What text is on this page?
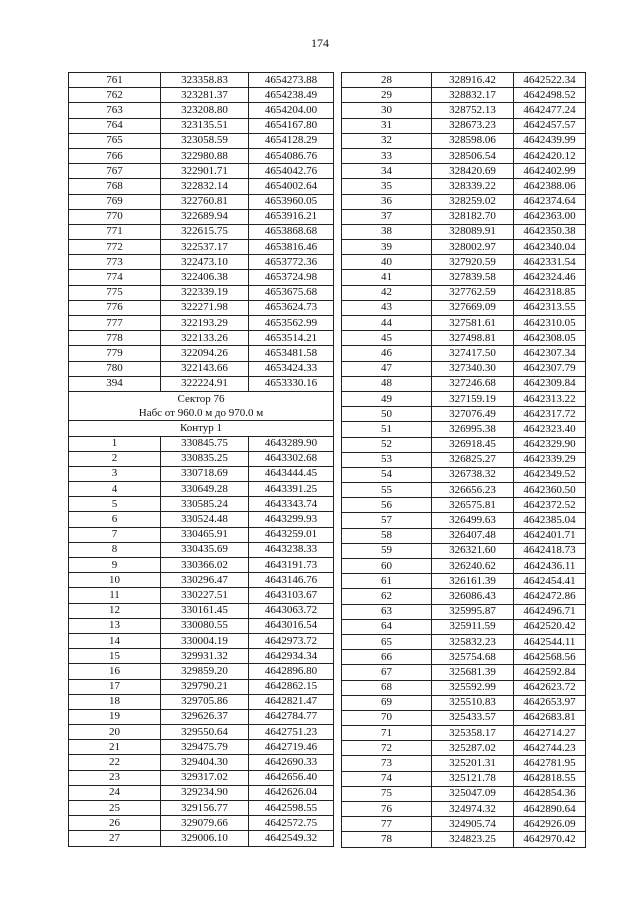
174
761	323358.83	4654273.88
762	323281.37	4654238.49
763	323208.80	4654204.00
764	323135.51	4654167.80
765	323058.59	4654128.29
766	322980.88	4654086.76
767	322901.71	4654042.76
768	322832.14	4654002.64
769	322760.81	4653960.05
770	322689.94	4653916.21
771	322615.75	4653868.68
772	322537.17	4653816.46
773	322473.10	4653772.36
774	322406.38	4653724.98
775	322339.19	4653675.68
776	322271.98	4653624.73
777	322193.29	4653562.99
778	322133.26	4653514.21
779	322094.26	4653481.58
780	322143.66	4653424.33
394	322224.91	4653330.16
Сектор 76		
Набс от 960.0 м до 970.0 м		
Контур 1		
1	330845.75	4643289.90
2	330835.25	4643302.68
3	330718.69	4643444.45
4	330649.28	4643391.25
5	330585.24	4643343.74
6	330524.48	4643299.93
7	330465.91	4643259.01
8	330435.69	4643238.33
9	330366.02	4643191.73
10	330296.47	4643146.76
11	330227.51	4643103.67
12	330161.45	4643063.72
13	330080.55	4643016.54
14	330004.19	4642973.72
15	329931.32	4642934.34
16	329859.20	4642896.80
17	329790.21	4642862.15
18	329705.86	4642821.47
19	329626.37	4642784.77
20	329550.64	4642751.23
21	329475.79	4642719.46
22	329404.30	4642690.33
23	329317.02	4642656.40
24	329234.90	4642626.04
25	329156.77	4642598.55
26	329079.66	4642572.75
27	329006.10	4642549.32
28	328916.42	4642522.34
29	328832.17	4642498.52
30	328752.13	4642477.24
31	328673.23	4642457.57
32	328598.06	4642439.99
33	328506.54	4642420.12
34	328420.69	4642402.99
35	328339.22	4642388.06
36	328259.02	4642374.64
37	328182.70	4642363.00
38	328089.91	4642350.38
39	328002.97	4642340.04
40	327920.59	4642331.54
41	327839.58	4642324.46
42	327762.59	4642318.85
43	327669.09	4642313.55
44	327581.61	4642310.05
45	327498.81	4642308.05
46	327417.50	4642307.34
47	327340.30	4642307.79
48	327246.68	4642309.84
49	327159.19	4642313.22
50	327076.49	4642317.72
51	326995.38	4642323.40
52	326918.45	4642329.90
53	326825.27	4642339.29
54	326738.32	4642349.52
55	326656.23	4642360.50
56	326575.81	4642372.52
57	326499.63	4642385.04
58	326407.48	4642401.71
59	326321.60	4642418.73
60	326240.62	4642436.11
61	326161.39	4642454.41
62	326086.43	4642472.86
63	325995.87	4642496.71
64	325911.59	4642520.42
65	325832.23	4642544.11
66	325754.68	4642568.56
67	325681.39	4642592.84
68	325592.99	4642623.72
69	325510.83	4642653.97
70	325433.57	4642683.81
71	325358.17	4642714.27
72	325287.02	4642744.23
73	325201.31	4642781.95
74	325121.78	4642818.55
75	325047.09	4642854.36
76	324974.32	4642890.64
77	324905.74	4642926.09
78	324823.25	4642970.42
